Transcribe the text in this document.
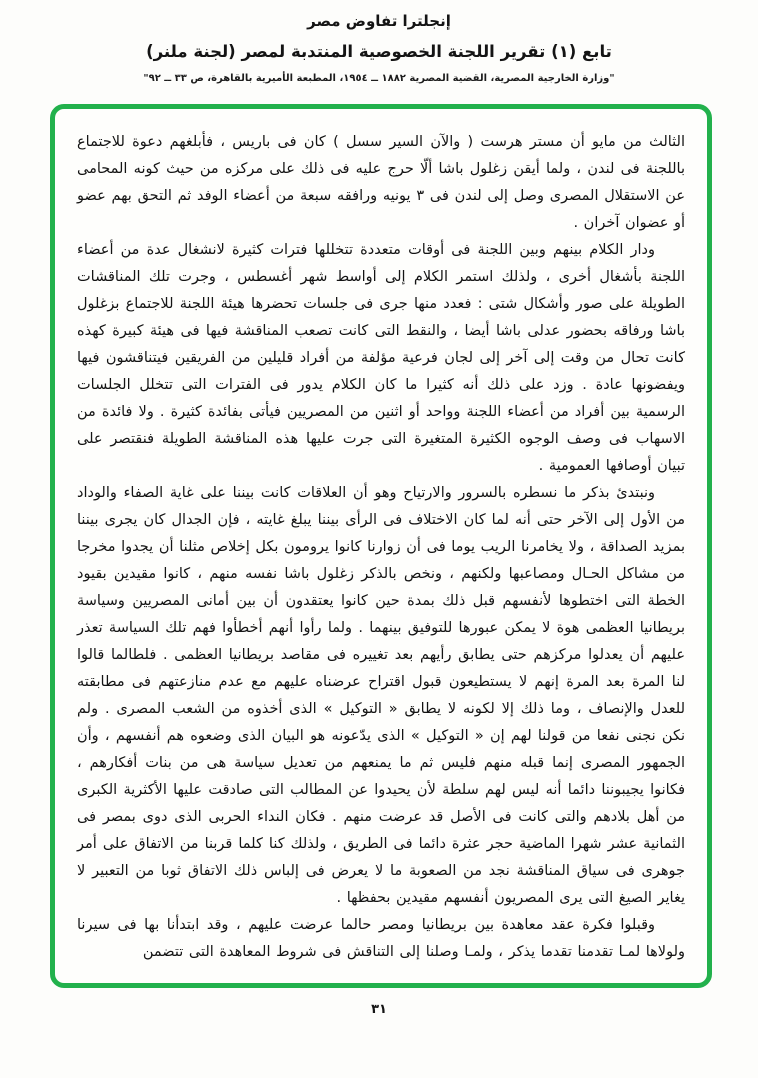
إنجلترا تفاوض مصر

تابع (١) تقرير اللجنة الخصوصية المنتدبة لمصر (لجنة ملنر)

"وزارة الخارجية المصرية، القضية المصرية ١٨٨٢ ــ ١٩٥٤، المطبعة الأميرية بالقاهرة، ص ٣٣ ــ ٩٢"

الثالث من مايو أن مستر هرست ( والآن السير سسل ) كان فى باريس ، فأبلغهم دعوة للاجتماع باللجنة فى لندن ، ولما أيقن زغلول باشا ألّا حرج عليه فى ذلك على مركزه من حيث كونه المحامى عن الاستقلال المصرى وصل إلى لندن فى ٣ يونيه ورافقه سبعة من أعضاء الوفد ثم التحق بهم عضو أو عضوان آخران .

ودار الكلام بينهم وبين اللجنة فى أوقات متعددة تتخللها فترات كثيرة لانشغال عدة من أعضاء اللجنة بأشغال أخرى ، ولذلك استمر الكلام إلى أواسط شهر أغسطس ، وجرت تلك المناقشات الطويلة على صور وأشكال شتى : فعدد منها جرى فى جلسات تحضرها هيئة اللجنة للاجتماع بزغلول باشا ورفاقه بحضور عدلى باشا أيضا ، والنقط التى كانت تصعب المناقشة فيها فى هيئة كبيرة كهذه كانت تحال من وقت إلى آخر إلى لجان فرعية مؤلفة من أفراد قليلين من الفريقين فيتناقشون فيها ويفضونها عادة . وزد على ذلك أنه كثيرا ما كان الكلام يدور فى الفترات التى تتخلل الجلسات الرسمية بين أفراد من أعضاء اللجنة وواحد أو اثنين من المصريين فيأتى بفائدة كثيرة . ولا فائدة من الاسهاب فى وصف الوجوه الكثيرة المتغيرة التى جرت عليها هذه المناقشة الطويلة فنقتصر على تبيان أوصافها العمومية .

ونبتدئ بذكر ما نسطره بالسرور والارتياح وهو أن العلاقات كانت بيننا على غاية الصفاء والوداد من الأول إلى الآخر حتى أنه لما كان الاختلاف فى الرأى بيننا يبلغ غايته ، فإن الجدال كان يجرى بيننا بمزيد الصداقة ، ولا يخامرنا الريب يوما فى أن زوارنا كانوا يرومون بكل إخلاص مثلنا أن يجدوا مخرجا من مشاكل الحـال ومصاعبها ولكنهم ، ونخص بالذكر زغلول باشا نفسه منهم ، كانوا مقيدين بقيود الخطة التى اختطوها لأنفسهم قبل ذلك بمدة حين كانوا يعتقدون أن بين أمانى المصريين وسياسة بريطانيا العظمى هوة لا يمكن عبورها للتوفيق بينهما . ولما رأوا أنهم أخطأوا فهم تلك السياسة تعذر عليهم أن يعدلوا مركزهم حتى يطابق رأيهم بعد تغييره فى مقاصد بريطانيا العظمى . فلطالما قالوا لنا المرة بعد المرة إنهم لا يستطيعون قبول اقتراح عرضناه عليهم مع عدم منازعتهم فى مطابقته للعدل والإنصاف ، وما ذلك إلا لكونه لا يطابق « التوكيل » الذى أخذوه من الشعب المصرى . ولم نكن نجنى نفعا من قولنا لهم إن « التوكيل » الذى يدّعونه هو البيان الذى وضعوه هم أنفسهم ، وأن الجمهور المصرى إنما قبله منهم فليس ثم ما يمنعهم من تعديل سياسة هى من بنات أفكارهم ، فكانوا يجيبوننا دائما أنه ليس لهم سلطة لأن يحيدوا عن المطالب التى صادقت عليها الأكثرية الكبرى من أهل بلادهم والتى كانت فى الأصل قد عرضت منهم . فكان النداء الحربى الذى دوى بمصر فى الثمانية عشر شهرا الماضية حجر عثرة دائما فى الطريق ، ولذلك كنا كلما قربنا من الاتفاق على أمر جوهرى فى سياق المناقشة نجد من الصعوبة ما لا يعرض فى إلباس ذلك الاتفاق ثوبا من التعبير لا يغاير الصيغ التى يرى المصريون أنفسهم مقيدين بحفظها .

وقبلوا فكرة عقد معاهدة بين بريطانيا ومصر حالما عرضت عليهم ، وقد ابتدأنا بها فى سيرنا ولولاها لمـا تقدمنا تقدما يذكر ، ولمـا وصلنا إلى التناقش فى شروط المعاهدة التى تتضمن

٣١
